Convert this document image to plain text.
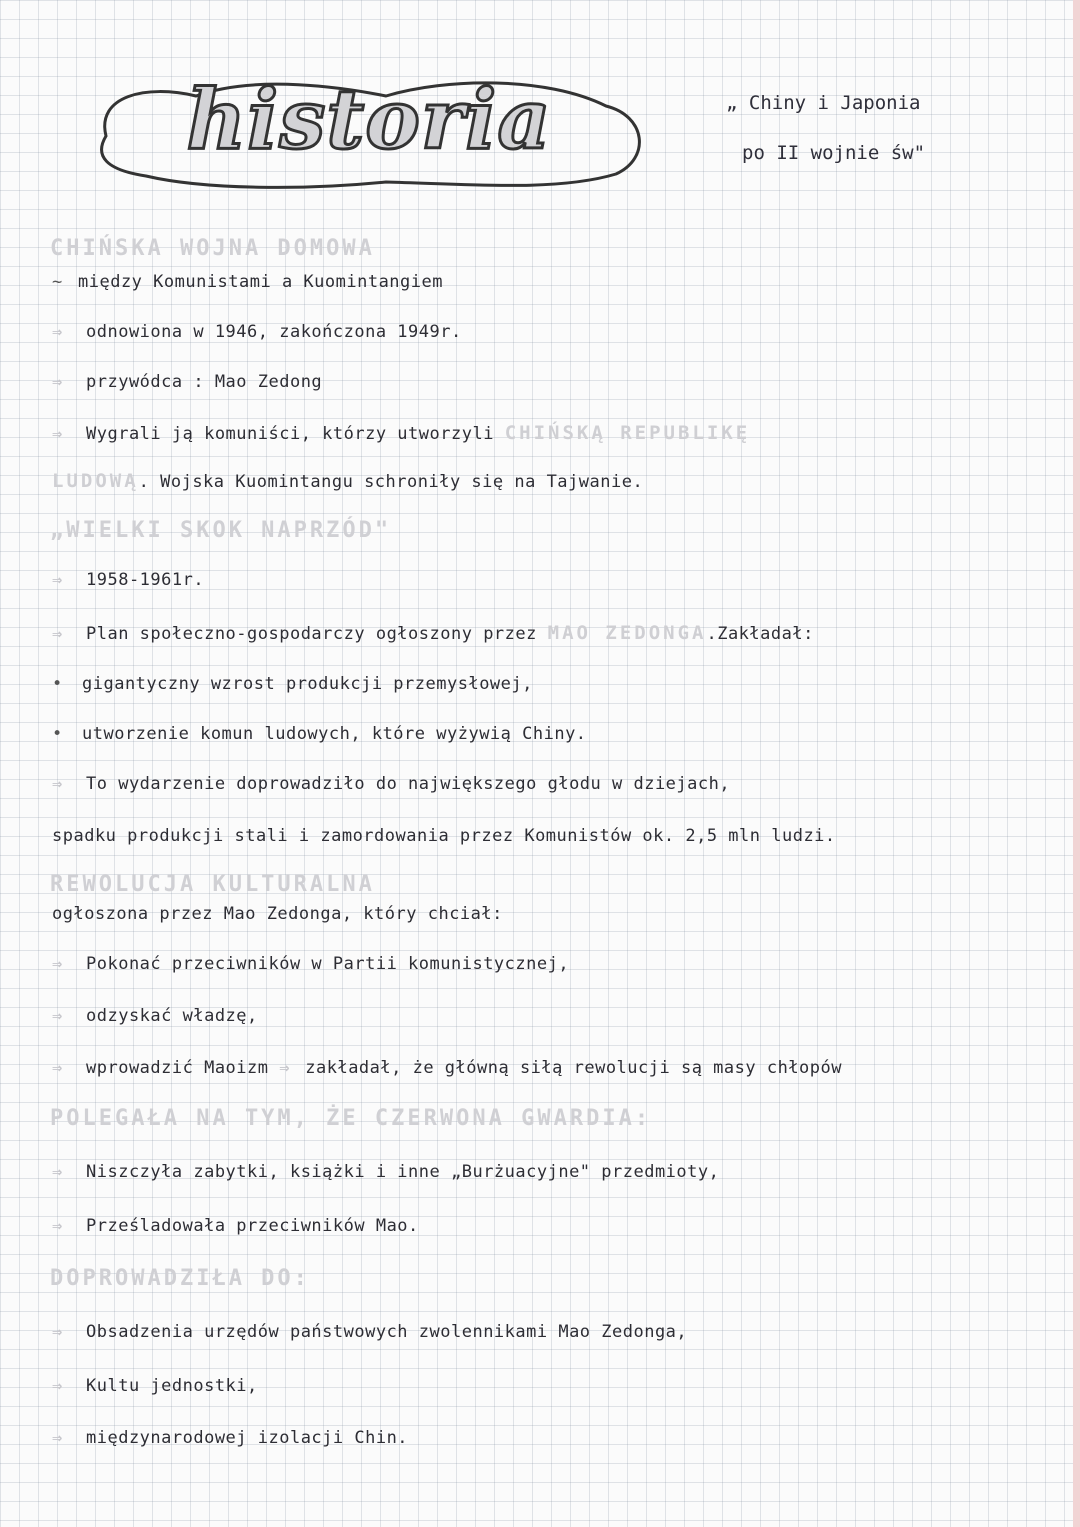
historia	„ Chiny i Japonia
po II wojnie św"
CHIŃSKA WOJNA DOMOWA
~ między Komunistami a Kuomintangiem
⇒ odnowiona w 1946, zakończona 1949r.
⇒ przywódca : Mao Zedong
⇒ Wygrali ją komuniści, którzy utworzyli CHIŃSKĄ REPUBLIKĘ
LUDOWĄ. Wojska Kuomintangu schroniły się na Tajwanie.
„WIELKI SKOK NAPRZÓD"
⇒ 1958-1961r.
⇒ Plan społeczno-gospodarczy ogłoszony przez MAO ZEDONGA.Zakładał:
• gigantyczny wzrost produkcji przemysłowej,
• utworzenie komun ludowych, które wyżywią Chiny.
⇒ To wydarzenie doprowadziło do największego głodu w dziejach,
spadku produkcji stali i zamordowania przez Komunistów ok. 2,5 mln ludzi.
REWOLUCJA KULTURALNA
ogłoszona przez Mao Zedonga, który chciał:
⇒ Pokonać przeciwników w Partii komunistycznej,
⇒ odzyskać władzę,
⇒ wprowadzić Maoizm ⇒ zakładał, że główną siłą rewolucji są masy chłopów
POLEGAŁA NA TYM, ŻE CZERWONA GWARDIA:
⇒ Niszczyła zabytki, książki i inne „Burżuacyjne" przedmioty,
⇒ Prześladowała przeciwników Mao.
DOPROWADZIŁA DO:
⇒ Obsadzenia urzędów państwowych zwolennikami Mao Zedonga,
⇒ Kultu jednostki,
⇒ międzynarodowej izolacji Chin.
